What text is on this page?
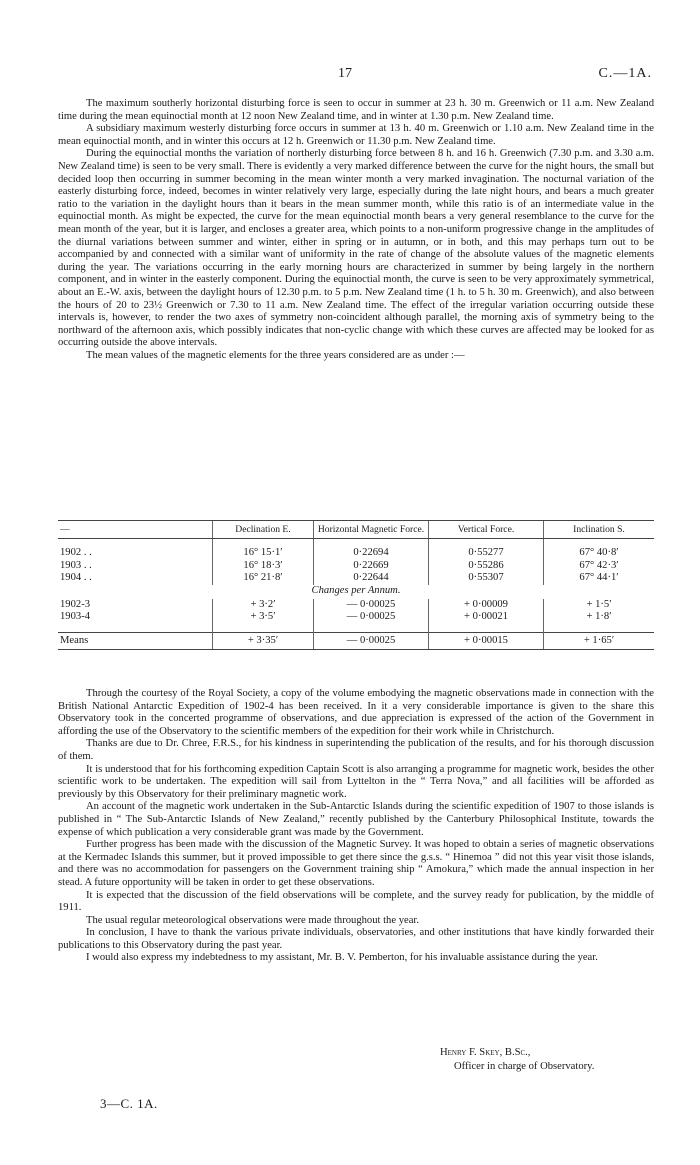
17	C.—1A.

The maximum southerly horizontal disturbing force is seen to occur in summer at 23 h. 30 m. Greenwich or 11 a.m. New Zealand time during the mean equinoctial month at 12 noon New Zealand time, and in winter at 1.30 p.m. New Zealand time.

A subsidiary maximum westerly disturbing force occurs in summer at 13 h. 40 m. Greenwich or 1.10 a.m. New Zealand time in the mean equinoctial month, and in winter this occurs at 12 h. Greenwich or 11.30 p.m. New Zealand time.

During the equinoctial months the variation of northerly disturbing force between 8 h. and 16 h. Greenwich (7.30 p.m. and 3.30 a.m. New Zealand time) is seen to be very small. There is evidently a very marked difference between the curve for the night hours, the small but decided loop then occurring in summer becoming in the mean winter month a very marked invagination. The nocturnal variation of the easterly disturbing force, indeed, becomes in winter relatively very large, especially during the late night hours, and bears a much greater ratio to the variation in the daylight hours than it bears in the mean summer month, while this ratio is of an intermediate value in the equinoctial month. As might be expected, the curve for the mean equinoctial month bears a very general resemblance to the curve for the mean month of the year, but it is larger, and encloses a greater area, which points to a non-uniform progressive change in the amplitudes of the diurnal variations between summer and winter, either in spring or in autumn, or in both, and this may perhaps turn out to be accompanied by and connected with a similar want of uniformity in the rate of change of the absolute values of the magnetic elements during the year. The variations occurring in the early morning hours are characterized in summer by being largely in the northern component, and in winter in the easterly component. During the equinoctial month, the curve is seen to be very approximately symmetrical, about an E.-W. axis, between the daylight hours of 12.30 p.m. to 5 p.m. New Zealand time (1 h. to 5 h. 30 m. Greenwich), and also between the hours of 20 to 23½ Greenwich or 7.30 to 11 a.m. New Zealand time. The effect of the irregular variation occurring outside these intervals is, however, to render the two axes of symmetry non-coincident although parallel, the morning axis of symmetry being to the northward of the afternoon axis, which possibly indicates that non-cyclic change with which these curves are affected may be looked for as occurring outside the above intervals.

The mean values of the magnetic elements for the three years considered are as under :—

—	Declination E.	Horizontal Magnetic Force.	Vertical Force.	Inclination S.

1902 . .	16° 15·1′	0·22694	0·55277	67° 40·8′
1903 . .	16° 18·3′	0·22669	0·55286	67° 42·3′
1904 . .	16° 21·8′	0·22644	0·55307	67° 44·1′
Changes per Annum.				
1902-3	+ 3·2′	— 0·00025	+ 0·00009	+ 1·5′
1903-4	+ 3·5′	— 0·00025	+ 0·00021	+ 1·8′

Means	+ 3·35′	— 0·00025	+ 0·00015	+ 1·65′

Through the courtesy of the Royal Society, a copy of the volume embodying the magnetic observations made in connection with the British National Antarctic Expedition of 1902-4 has been received. In it a very considerable importance is given to the share this Observatory took in the concerted programme of observations, and due appreciation is expressed of the action of the Government in affording the use of the Observatory to the scientific members of the expedition for their work while in Christchurch.

Thanks are due to Dr. Chree, F.R.S., for his kindness in superintending the publication of the results, and for his thorough discussion of them.

It is understood that for his forthcoming expedition Captain Scott is also arranging a programme for magnetic work, besides the other scientific work to be undertaken. The expedition will sail from Lyttelton in the “ Terra Nova,” and all facilities will be afforded as previously by this Observatory for their preliminary magnetic work.

An account of the magnetic work undertaken in the Sub-Antarctic Islands during the scientific expedition of 1907 to those islands is published in “ The Sub-Antarctic Islands of New Zealand,” recently published by the Canterbury Philosophical Institute, towards the expense of which publication a very considerable grant was made by the Government.

Further progress has been made with the discussion of the Magnetic Survey. It was hoped to obtain a series of magnetic observations at the Kermadec Islands this summer, but it proved impossible to get there since the g.s.s. “ Hinemoa ” did not this year visit those islands, and there was no accommodation for passengers on the Government training ship “ Amokura,” which made the annual inspection in her stead. A future opportunity will be taken in order to get these observations.

It is expected that the discussion of the field observations will be complete, and the survey ready for publication, by the middle of 1911.

The usual regular meteorological observations were made throughout the year.

In conclusion, I have to thank the various private individuals, observatories, and other institutions that have kindly forwarded their publications to this Observatory during the past year.

I would also express my indebtedness to my assistant, Mr. B. V. Pemberton, for his invaluable assistance during the year.

Henry F. Skey, B.Sc.,
Officer in charge of Observatory.
3—C. 1A.
